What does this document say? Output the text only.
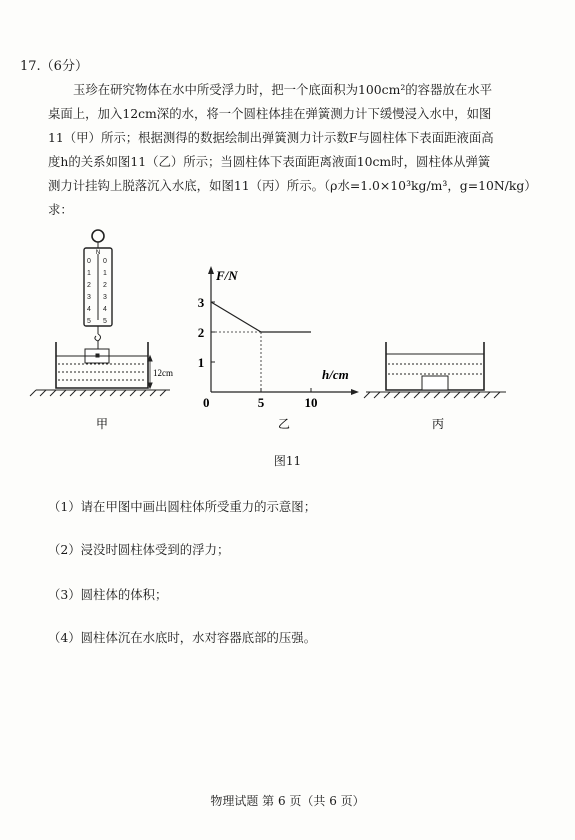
17.（6分）
玉珍在研究物体在水中所受浮力时，把一个底面积为100cm²的容器放在水平
桌面上，加入12cm深的水，将一个圆柱体挂在弹簧测力计下缓慢浸入水中，如图
11（甲）所示；根据测得的数据绘制出弹簧测力计示数F与圆柱体下表面距液面高
度h的关系如图11（乙）所示；当圆柱体下表面距离液面10cm时，圆柱体从弹簧
测力计挂钩上脱落沉入水底，如图11（丙）所示。（ρ水=1.0×10³kg/m³，g=10N/kg）
求：
N
0
1
2
3
4
5
0
1
2
3
4
5
12cm
甲
F/N
h/cm
0
1
2
3
5	10
乙	丙
图11
（1）请在甲图中画出圆柱体所受重力的示意图；
（2）浸没时圆柱体受到的浮力；
（3）圆柱体的体积；
（4）圆柱体沉在水底时，水对容器底部的压强。
物理试题 第 6 页（共 6 页）
